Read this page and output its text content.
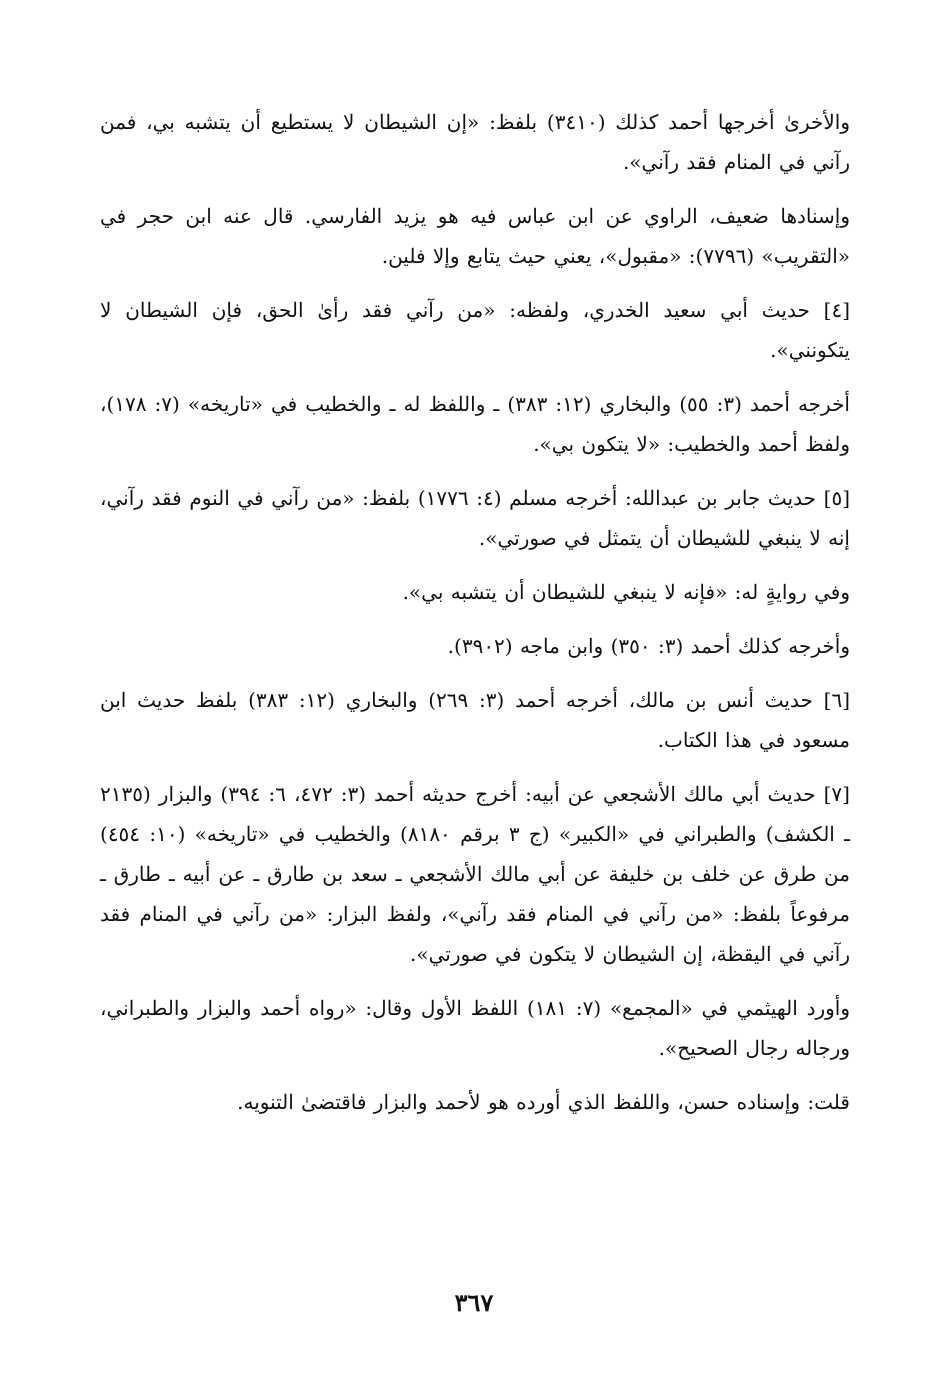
والأخرىٰ أخرجها أحمد كذلك (٣٤١٠) بلفظ: «إن الشيطان لا يستطيع أن يتشبه بي، فمن رآني في المنام فقد رآني».

وإسنادها ضعيف، الراوي عن ابن عباس فيه هو يزيد الفارسي. قال عنه ابن حجر في «التقريب» (٧٧٩٦): «مقبول»، يعني حيث يتابع وإلا فلين.

[٤] حديث أبي سعيد الخدري، ولفظه: «من رآني فقد رأىٰ الحق، فإن الشيطان لا يتكونني».

أخرجه أحمد (٣: ٥٥) والبخاري (١٢: ٣٨٣) ـ واللفظ له ـ والخطيب في «تاريخه» (٧: ١٧٨)، ولفظ أحمد والخطيب: «لا يتكون بي».

[٥] حديث جابر بن عبدالله: أخرجه مسلم (٤: ١٧٧٦) بلفظ: «من رآني في النوم فقد رآني، إنه لا ينبغي للشيطان أن يتمثل في صورتي».

وفي روايةٍ له: «فإنه لا ينبغي للشيطان أن يتشبه بي».

وأخرجه كذلك أحمد (٣: ٣٥٠) وابن ماجه (٣٩٠٢).

[٦] حديث أنس بن مالك، أخرجه أحمد (٣: ٢٦٩) والبخاري (١٢: ٣٨٣) بلفظ حديث ابن مسعود في هذا الكتاب.

[٧] حديث أبي مالك الأشجعي عن أبيه: أخرج حديثه أحمد (٣: ٤٧٢، ٦: ٣٩٤) والبزار (٢١٣٥ ـ الكشف) والطبراني في «الكبير» (ج ٣ برقم ٨١٨٠) والخطيب في «تاريخه» (١٠: ٤٥٤) من طرق عن خلف بن خليفة عن أبي مالك الأشجعي ـ سعد بن طارق ـ عن أبيه ـ طارق ـ مرفوعاً بلفظ: «من رآني في المنام فقد رآني»، ولفظ البزار: «من رآني في المنام فقد رآني في اليقظة، إن الشيطان لا يتكون في صورتي».

وأورد الهيثمي في «المجمع» (٧: ١٨١) اللفظ الأول وقال: «رواه أحمد والبزار والطبراني، ورجاله رجال الصحيح».

قلت: وإسناده حسن، واللفظ الذي أورده هو لأحمد والبزار فاقتضىٰ التنويه.

٣٦٧
